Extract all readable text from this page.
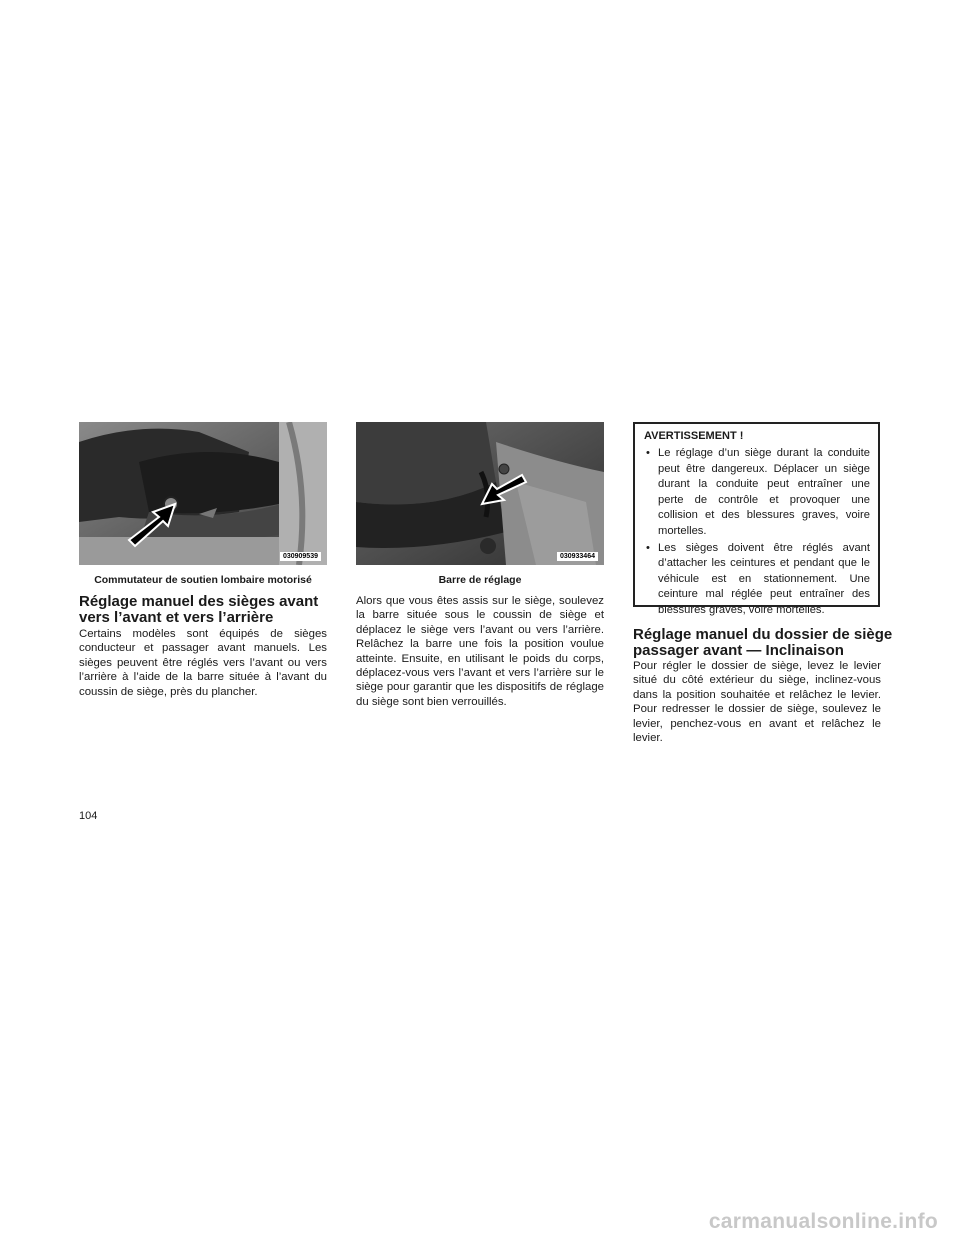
030909539	030933464
Commutateur de soutien lombaire motorisé	Barre de réglage
Réglage manuel des sièges avant
vers l’avant et vers l’arrière

Certains modèles sont équipés de sièges conducteur et passager avant manuels. Les sièges peuvent être réglés vers l’avant ou vers l’arrière à l’aide de la barre située à l’avant du coussin de siège, près du plancher.

Alors que vous êtes assis sur le siège, soulevez la barre située sous le coussin de siège et déplacez le siège vers l’avant ou vers l’arrière. Relâchez la barre une fois la position voulue atteinte. Ensuite, en utilisant le poids du corps, déplacez-vous vers l’avant et vers l’arrière sur le siège pour garantir que les dispositifs de réglage du siège sont bien verrouillés.

AVERTISSEMENT !
• Le réglage d’un siège durant la conduite peut être dangereux. Déplacer un siège durant la conduite peut entraîner une perte de contrôle et provoquer une collision et des blessures graves, voire mortelles.
• Les sièges doivent être réglés avant d’attacher les ceintures et pendant que le véhicule est en stationnement. Une ceinture mal réglée peut entraîner des blessures graves, voire mortelles.
Réglage manuel du dossier de siège
passager avant — Inclinaison

Pour régler le dossier de siège, levez le levier situé du côté extérieur du siège, inclinez-vous dans la position souhaitée et relâchez le levier. Pour redresser le dossier de siège, soulevez le levier, penchez-vous en avant et relâchez le levier.

104
carmanualsonline.info
